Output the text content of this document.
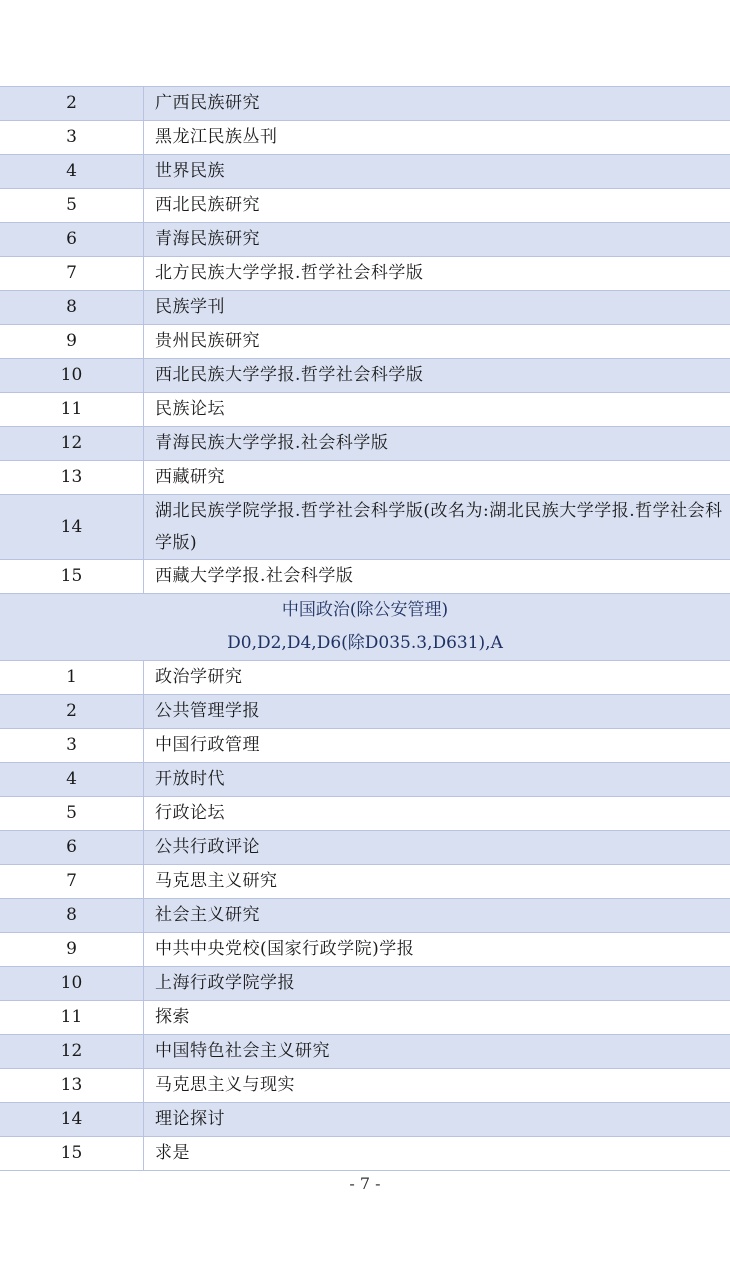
2	广西民族研究
3	黑龙江民族丛刊
4	世界民族
5	西北民族研究
6	青海民族研究
7	北方民族大学学报.哲学社会科学版
8	民族学刊
9	贵州民族研究
10	西北民族大学学报.哲学社会科学版
11	民族论坛
12	青海民族大学学报.社会科学版
13	西藏研究
14	湖北民族学院学报.哲学社会科学版(改名为:湖北民族大学学报.哲学社会科学版)
15	西藏大学学报.社会科学版

中国政治(除公安管理)
D0,D2,D4,D6(除D035.3,D631),A	

1	政治学研究
2	公共管理学报
3	中国行政管理
4	开放时代
5	行政论坛
6	公共行政评论
7	马克思主义研究
8	社会主义研究
9	中共中央党校(国家行政学院)学报
10	上海行政学院学报
11	探索
12	中国特色社会主义研究
13	马克思主义与现实
14	理论探讨
15	求是
- 7 -
